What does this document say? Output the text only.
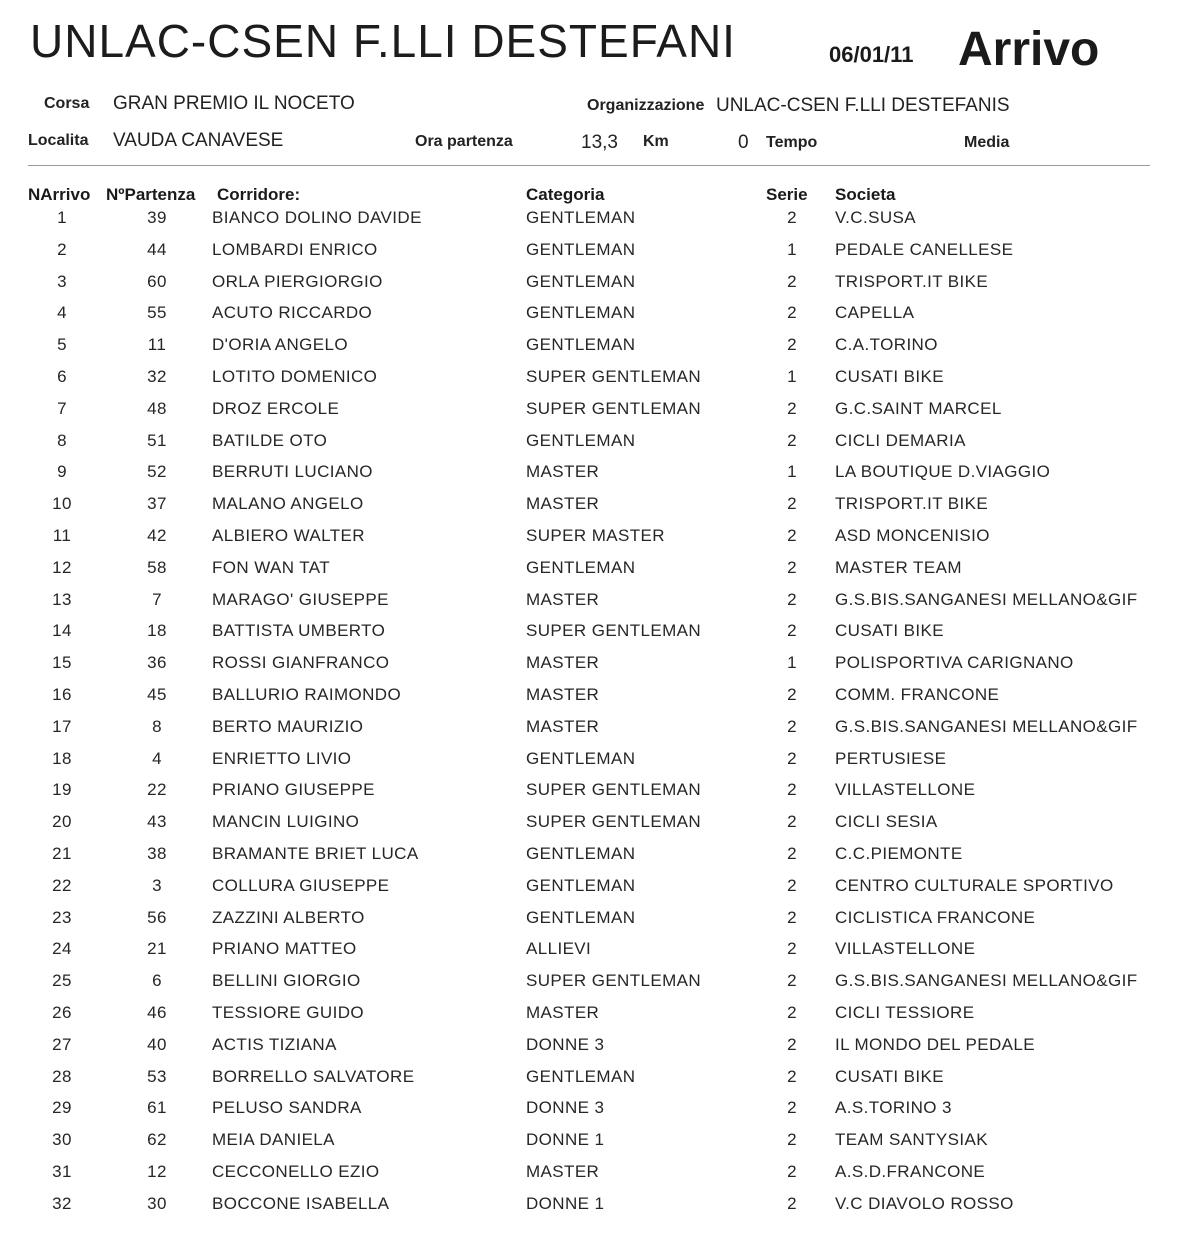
UNLAC-CSEN F.LLI DESTEFANI	06/01/11 Arrivo
Corsa GRAN PREMIO IL NOCETO	Organizzazione UNLAC-CSEN F.LLI DESTEFANIS
Localita VAUDA CANAVESE	Ora partenza	13,3 Km	0 Tempo	Media
NArrivo NºPartenza Corridore:	Categoria	Serie Societa
1	39	BIANCO DOLINO DAVIDE	GENTLEMAN	2	V.C.SUSA
2	44	LOMBARDI ENRICO	GENTLEMAN	1	PEDALE CANELLESE
3	60	ORLA PIERGIORGIO	GENTLEMAN	2	TRISPORT.IT BIKE
4	55	ACUTO RICCARDO	GENTLEMAN	2	CAPELLA
5	11	D'ORIA ANGELO	GENTLEMAN	2	C.A.TORINO
6	32	LOTITO DOMENICO	SUPER GENTLEMAN	1	CUSATI BIKE
7	48	DROZ ERCOLE	SUPER GENTLEMAN	2	G.C.SAINT MARCEL
8	51	BATILDE OTO	GENTLEMAN	2	CICLI DEMARIA
9	52	BERRUTI LUCIANO	MASTER	1	LA BOUTIQUE D.VIAGGIO
10	37	MALANO ANGELO	MASTER	2	TRISPORT.IT BIKE
11	42	ALBIERO WALTER	SUPER MASTER	2	ASD MONCENISIO
12	58	FON WAN TAT	GENTLEMAN	2	MASTER TEAM
13	7	MARAGO' GIUSEPPE	MASTER	2	G.S.BIS.SANGANESI MELLANO&GIF
14	18	BATTISTA UMBERTO	SUPER GENTLEMAN	2	CUSATI BIKE
15	36	ROSSI GIANFRANCO	MASTER	1	POLISPORTIVA CARIGNANO
16	45	BALLURIO RAIMONDO	MASTER	2	COMM. FRANCONE
17	8	BERTO MAURIZIO	MASTER	2	G.S.BIS.SANGANESI MELLANO&GIF
18	4	ENRIETTO LIVIO	GENTLEMAN	2	PERTUSIESE
19	22	PRIANO GIUSEPPE	SUPER GENTLEMAN	2	VILLASTELLONE
20	43	MANCIN LUIGINO	SUPER GENTLEMAN	2	CICLI SESIA
21	38	BRAMANTE BRIET LUCA	GENTLEMAN	2	C.C.PIEMONTE
22	3	COLLURA GIUSEPPE	GENTLEMAN	2	CENTRO CULTURALE SPORTIVO
23	56	ZAZZINI ALBERTO	GENTLEMAN	2	CICLISTICA FRANCONE
24	21	PRIANO MATTEO	ALLIEVI	2	VILLASTELLONE
25	6	BELLINI GIORGIO	SUPER GENTLEMAN	2	G.S.BIS.SANGANESI MELLANO&GIF
26	46	TESSIORE GUIDO	MASTER	2	CICLI TESSIORE
27	40	ACTIS TIZIANA	DONNE 3	2	IL MONDO DEL PEDALE
28	53	BORRELLO SALVATORE	GENTLEMAN	2	CUSATI BIKE
29	61	PELUSO SANDRA	DONNE 3	2	A.S.TORINO 3
30	62	MEIA DANIELA	DONNE 1	2	TEAM SANTYSIAK
31	12	CECCONELLO EZIO	MASTER	2	A.S.D.FRANCONE
32	30	BOCCONE ISABELLA	DONNE 1	2	V.C DIAVOLO ROSSO
